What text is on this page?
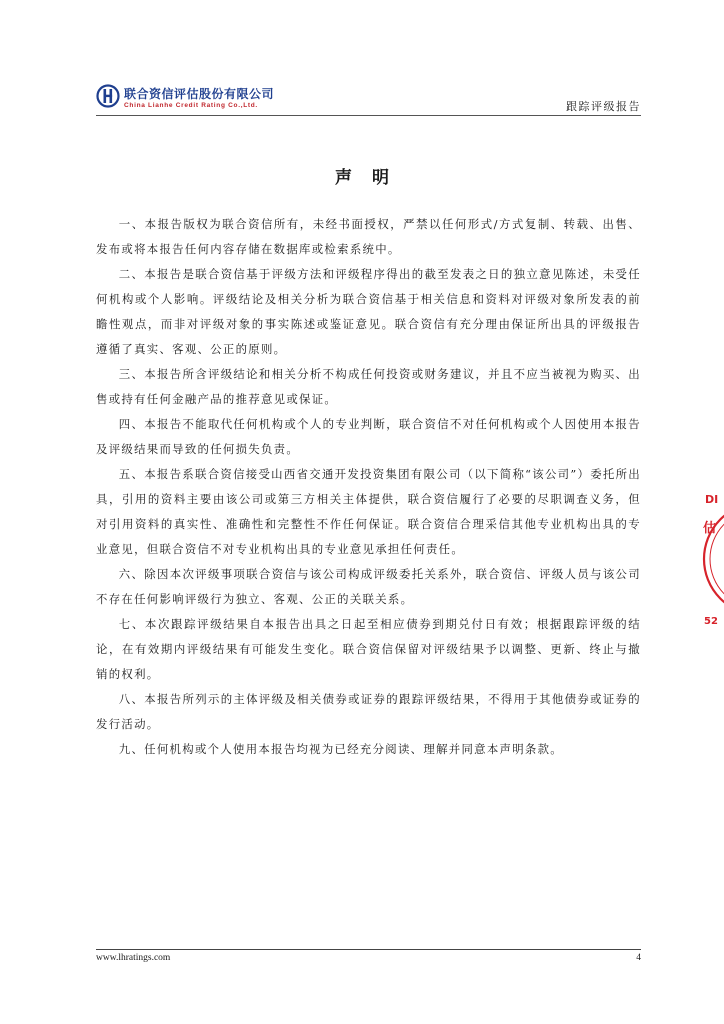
联合资信评估股份有限公司
China Lianhe Credit Rating Co.,Ltd.	跟踪评级报告
声明

一、本报告版权为联合资信所有，未经书面授权，严禁以任何形式/方式复制、转载、出售、发布或将本报告任何内容存储在数据库或检索系统中。

二、本报告是联合资信基于评级方法和评级程序得出的截至发表之日的独立意见陈述，未受任何机构或个人影响。评级结论及相关分析为联合资信基于相关信息和资料对评级对象所发表的前瞻性观点，而非对评级对象的事实陈述或鉴证意见。联合资信有充分理由保证所出具的评级报告遵循了真实、客观、公正的原则。

三、本报告所含评级结论和相关分析不构成任何投资或财务建议，并且不应当被视为购买、出售或持有任何金融产品的推荐意见或保证。

四、本报告不能取代任何机构或个人的专业判断，联合资信不对任何机构或个人因使用本报告及评级结果而导致的任何损失负责。

五、本报告系联合资信接受山西省交通开发投资集团有限公司（以下简称“该公司”）委托所出具，引用的资料主要由该公司或第三方相关主体提供，联合资信履行了必要的尽职调查义务，但对引用资料的真实性、准确性和完整性不作任何保证。联合资信合理采信其他专业机构出具的专业意见，但联合资信不对专业机构出具的专业意见承担任何责任。

六、除因本次评级事项联合资信与该公司构成评级委托关系外，联合资信、评级人员与该公司不存在任何影响评级行为独立、客观、公正的关联关系。

七、本次跟踪评级结果自本报告出具之日起至相应债券到期兑付日有效；根据跟踪评级的结论，在有效期内评级结果有可能发生变化。联合资信保留对评级结果予以调整、更新、终止与撤销的权利。

八、本报告所列示的主体评级及相关债券或证券的跟踪评级结果，不得用于其他债券或证券的发行活动。

九、任何机构或个人使用本报告均视为已经充分阅读、理解并同意本声明条款。

DI
估
52
www.lhratings.com	4
